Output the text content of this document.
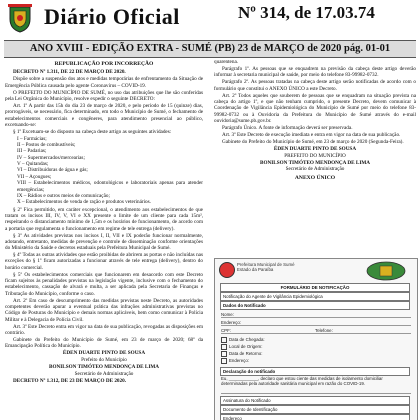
Diário Oficial	Nº 314, de 17.03.74
ANO XVIII - EDIÇÃO EXTRA - SUMÉ (PB) 23 de MARÇO de 2020 pág. 01-01

REPUBLICAÇÃO POR INCORREÇÃO

DECRETO Nº 1.311, DE 22 DE MARÇO DE 2020.

Dispõe sobre a suspensão dos atos e medidas temporárias de enfrentamento da Situação de Emergência Pública causada pelo agente Coronavírus – COVID-19.

O PREFEITO DO MUNICÍPIO DE SUMÉ, no uso das atribuições que lhe são conferidas pela Lei Orgânica do Município, resolve expedir o seguinte DECRETO:

Art. 1º A partir das 15h do dia 23 de março de 2020, e pelo período de 15 (quinze) dias, prorrogáveis, se necessário, fica determinado, em todo o Município de Sumé, o fechamento de estabelecimentos comerciais e congêneres, para atendimento presencial ao público, excetuando-se:

§ 1º Excetuam-se do disposto na cabeça deste artigo as seguintes atividades:

I – Farmácias;
II – Postos de combustíveis;
III – Padarias;
IV – Supermercados/mercearias;
V – Quitandas;
VI – Distribuidoras de água e gás;
VII – Açougues;
VIII – Estabelecimentos médicos, odontológicos e laboratoriais apenas para atender emergências;
IX – Rádios e outros meios de comunicação;
X – Estabelecimentos de venda de ração e produtos veterinários.

§ 2º Fica permitido, em caráter excepcional, o atendimento aos estabelecimentos de que tratam os incisos III, IV, V, VI e XX presente o limite de um cliente para cada 15m², respeitando o distanciamento mínimo de 1,5m e os horários de funcionamento, de acordo com a portaria que regulamenta o funcionamento em regime de tele entrega (delivery).

§ 3º As atividades previstas nos incisos I, II, VII e IX poderão funcionar normalmente, adotando, entretanto, medidas de prevenção e controle de disseminação conforme orientações do Ministério da Saúde e decretos estaduais pela Prefeitura Municipal de Sumé.

§ 4º Todas as outras atividades que estão proibidas de abrirem as portas e não incluídas nas exceções do § 1º ficam autorizadas a funcionar através de tele entrega (delivery), dentro do horário comercial.

§ 5º Os estabelecimentos comerciais que funcionarem em desacordo com este Decreto ficam sujeitos às penalidades previstas na legislação vigente, inclusive com o fechamento do estabelecimento, cassação de alvará e multa, a ser aplicada pela Secretaria de Finanças e Tributação do Município, conforme o caso.

Art. 2º Em caso de descumprimento das medidas previstas neste Decreto, as autoridades competentes deverão apurar a eventual prática das infrações administrativas previstas no Código de Posturas do Município e demais normas aplicáveis, bem como comunicar à Polícia Militar e à Delegacia de Polícia Civil.

Art. 3º Este Decreto entra em vigor na data de sua publicação, revogadas as disposições em contrário.

Gabinete do Prefeito do Município de Sumé, em 23 de março de 2020; 68º da Emancipação Política do Município.

ÉDEN DUARTE PINTO DE SOUSA

Prefeito do Município

BONILSON TIMÓTEO MENDONÇA DE LIMA

Secretário de Administração

DECRETO Nº 1.312, DE 23 DE MARÇO DE 2020.

quarentena.

Parágrafo 1º. As pessoas que se enquadrem na previsão da cabeça deste artigo deverão informar à secretaria municipal de saúde, por meio do telefone 83-99982-0732.

Parágrafo 2º. As pessoas tratadas na cabeça deste artigo serão notificadas de acordo com o formulário que constitui o ANEXO ÚNICO a este Decreto.

Art. 2º Todos aqueles que souberem de pessoas que se enquadram na situação prevista na cabeça do artigo 1º, e que não tenham cumprido, o presente Decreto, devem comunicar à Coordenação de Vigilância Epidemiológica do Município de Sumé por meio do telefone 83-99982-0732 ou à Ouvidoria da Prefeitura do Município de Sumé através do e-mail ouvidoria@sume.pb.gov.br.

Parágrafo Único. A fonte de informação deverá ser preservada.

Art. 3º Este Decreto de execução imediata e entra em vigor na data de sua publicação.

Gabinete do Prefeito do Município de Sumé, em 23 de março de 2020 (Segunda-Feira).

ÉDEN DUARTE PINTO DE SOUSA

PREFEITO DO MUNICÍPIO

BONILSON TIMÓTEO MENDONÇA DE LIMA

Secretário de Administração

ANEXO ÚNICO

Prefeitura Municipal de Sumé
Estado da Paraíba
FORMULÁRIO DE NOTIFICAÇÃO
Notificação do Agente de Vigilância Epidemiológica
Dados do Notificado
Nome:
Endereço:
CPF:	Telefone:
Data de Chegada:
Local de Origem:
Data de Retorno:
Endereço:
Declaração do notificado
Eu, ____________, declaro que estou ciente das medidas de isolamento domiciliar determinadas pela autoridade sanitária municipal em razão do COVID-19.
Assinatura do Notificado
Documento de Identificação
Endereço
